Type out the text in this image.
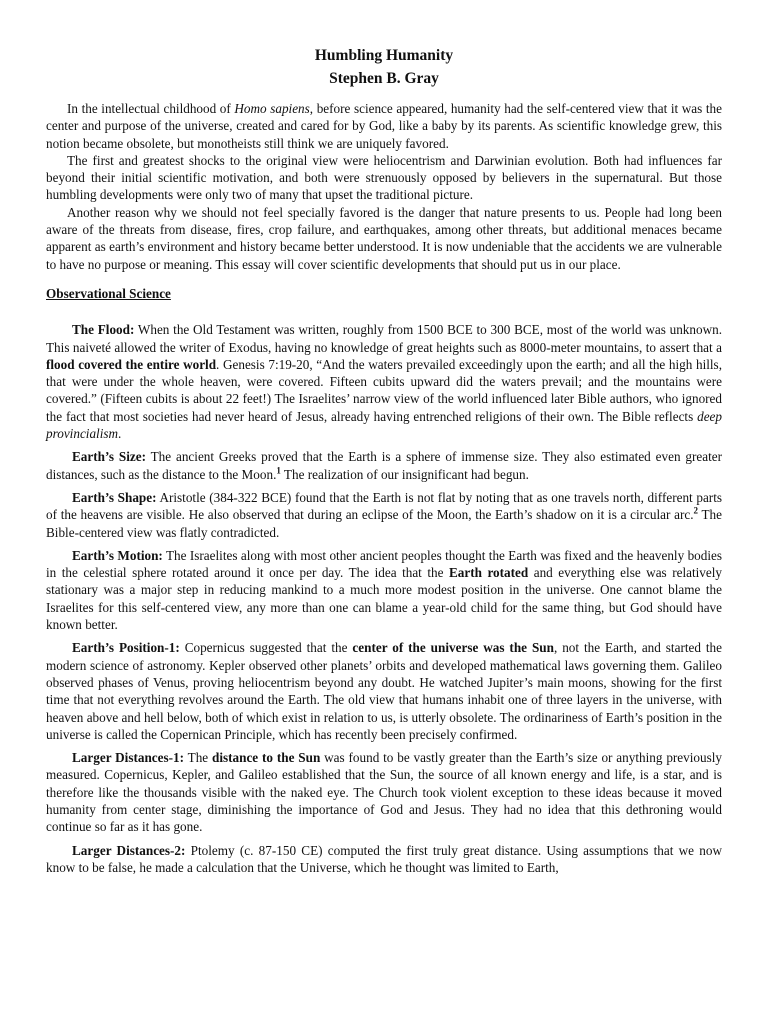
Humbling Humanity
Stephen B. Gray

In the intellectual childhood of Homo sapiens, before science appeared, humanity had the self-centered view that it was the center and purpose of the universe, created and cared for by God, like a baby by its parents. As scientific knowledge grew, this notion became obsolete, but monotheists still think we are uniquely favored.

The first and greatest shocks to the original view were heliocentrism and Darwinian evolution. Both had influences far beyond their initial scientific motivation, and both were strenuously opposed by believers in the supernatural. But those humbling developments were only two of many that upset the traditional picture.

Another reason why we should not feel specially favored is the danger that nature presents to us. People had long been aware of the threats from disease, fires, crop failure, and earthquakes, among other threats, but additional menaces became apparent as earth’s environment and history became better understood. It is now undeniable that the accidents we are vulnerable to have no purpose or meaning. This essay will cover scientific developments that should put us in our place.

Observational Science

The Flood: When the Old Testament was written, roughly from 1500 BCE to 300 BCE, most of the world was unknown. This naiveté allowed the writer of Exodus, having no knowledge of great heights such as 8000-meter mountains, to assert that a flood covered the entire world. Genesis 7:19-20, “And the waters prevailed exceedingly upon the earth; and all the high hills, that were under the whole heaven, were covered. Fifteen cubits upward did the waters prevail; and the mountains were covered.” (Fifteen cubits is about 22 feet!) The Israelites’ narrow view of the world influenced later Bible authors, who ignored the fact that most societies had never heard of Jesus, already having entrenched religions of their own. The Bible reflects deep provincialism.

Earth’s Size: The ancient Greeks proved that the Earth is a sphere of immense size. They also estimated even greater distances, such as the distance to the Moon.$^1$ The realization of our insignificant had begun.

Earth’s Shape: Aristotle (384-322 BCE) found that the Earth is not flat by noting that as one travels north, different parts of the heavens are visible. He also observed that during an eclipse of the Moon, the Earth’s shadow on it is a circular arc.$^2$ The Bible-centered view was flatly contradicted.

Earth’s Motion: The Israelites along with most other ancient peoples thought the Earth was fixed and the heavenly bodies in the celestial sphere rotated around it once per day. The idea that the Earth rotated and everything else was relatively stationary was a major step in reducing mankind to a much more modest position in the universe. One cannot blame the Israelites for this self-centered view, any more than one can blame a year-old child for the same thing, but God should have known better.

Earth’s Position-1: Copernicus suggested that the center of the universe was the Sun, not the Earth, and started the modern science of astronomy. Kepler observed other planets’ orbits and developed mathematical laws governing them. Galileo observed phases of Venus, proving heliocentrism beyond any doubt. He watched Jupiter’s main moons, showing for the first time that not everything revolves around the Earth. The old view that humans inhabit one of three layers in the universe, with heaven above and hell below, both of which exist in relation to us, is utterly obsolete. The ordinariness of Earth’s position in the universe is called the Copernican Principle, which has recently been precisely confirmed.

Larger Distances-1: The distance to the Sun was found to be vastly greater than the Earth’s size or anything previously measured. Copernicus, Kepler, and Galileo established that the Sun, the source of all known energy and life, is a star, and is therefore like the thousands visible with the naked eye. The Church took violent exception to these ideas because it moved humanity from center stage, diminishing the importance of God and Jesus. They had no idea that this dethroning would continue so far as it has gone.

Larger Distances-2: Ptolemy (c. 87-150 CE) computed the first truly great distance. Using assumptions that we now know to be false, he made a calculation that the Universe, which he thought was limited to Earth,
